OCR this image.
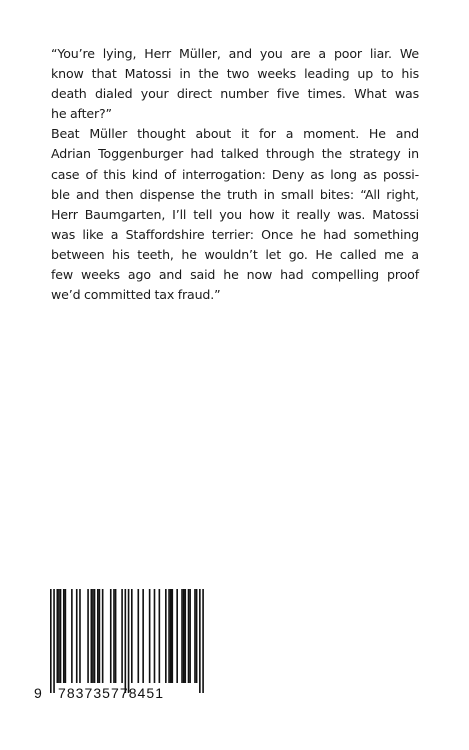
“You’re lying, Herr Müller, and you are a poor liar. We
know that Matossi in the two weeks leading up to his
death dialed your direct number five times. What was
he after?”
Beat Müller thought about it for a moment. He and
Adrian Toggenburger had talked through the strategy in
case of this kind of interrogation: Deny as long as possi-
ble and then dispense the truth in small bites: “All right,
Herr Baumgarten, I’ll tell you how it really was. Matossi
was like a Staffordshire terrier: Once he had something
between his teeth, he wouldn’t let go. He called me a
few weeks ago and said he now had compelling proof
we’d committed tax fraud.”
9 783735778451
